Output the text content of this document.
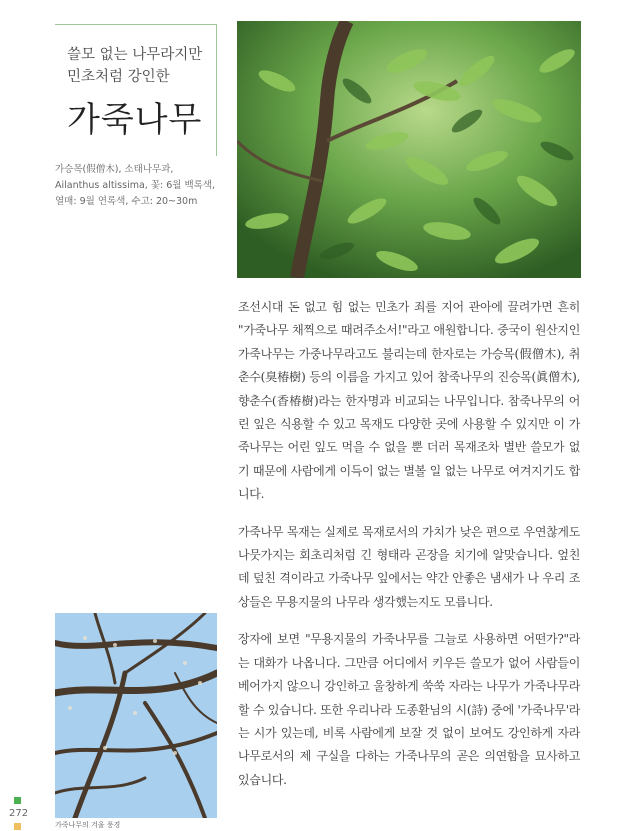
쓸모 없는 나무라지만
민초처럼 강인한
가죽나무
가승목(假僧木), 소태나무과, Ailanthus altissima, 꽃: 6월 백록색, 열매: 9월 연록색, 수고: 20~30m

조선시대 돈 없고 힘 없는 민초가 죄를 지어 관아에 끌려가면 흔히 "가죽나무 채찍으로 때려주소서!"라고 애원합니다. 중국이 원산지인 가죽나무는 가중나무라고도 불리는데 한자로는 가승목(假僧木), 취춘수(臭椿樹) 등의 이름을 가지고 있어 참죽나무의 진승목(眞僧木), 향춘수(香椿樹)라는 한자명과 비교되는 나무입니다. 참죽나무의 어린 잎은 식용할 수 있고 목재도 다양한 곳에 사용할 수 있지만 이 가죽나무는 어린 잎도 먹을 수 없을 뿐 더러 목재조차 별반 쓸모가 없기 때문에 사람에게 이득이 없는 별볼 일 없는 나무로 여겨지기도 합니다.

가죽나무 목재는 실제로 목재로서의 가치가 낮은 편으로 우연찮게도 나뭇가지는 회초리처럼 긴 형태라 곤장을 치기에 알맞습니다. 엎친데 덮친 격이라고 가죽나무 잎에서는 약간 안좋은 냄새가 나 우리 조상들은 무용지물의 나무라 생각했는지도 모릅니다.

장자에 보면 "무용지물의 가죽나무를 그늘로 사용하면 어떤가?"라는 대화가 나옵니다. 그만큼 어디에서 키우든 쓸모가 없어 사람들이 베어가지 않으니 강인하고 울창하게 쑥쑥 자라는 나무가 가죽나무라 할 수 있습니다. 또한 우리나라 도종환님의 시(詩) 중에 '가죽나무'라는 시가 있는데, 비록 사람에게 보잘 것 없이 보여도 강인하게 자라 나무로서의 제 구실을 다하는 가죽나무의 곧은 의연함을 묘사하고 있습니다.

가죽나무의 겨울 풍경
272
